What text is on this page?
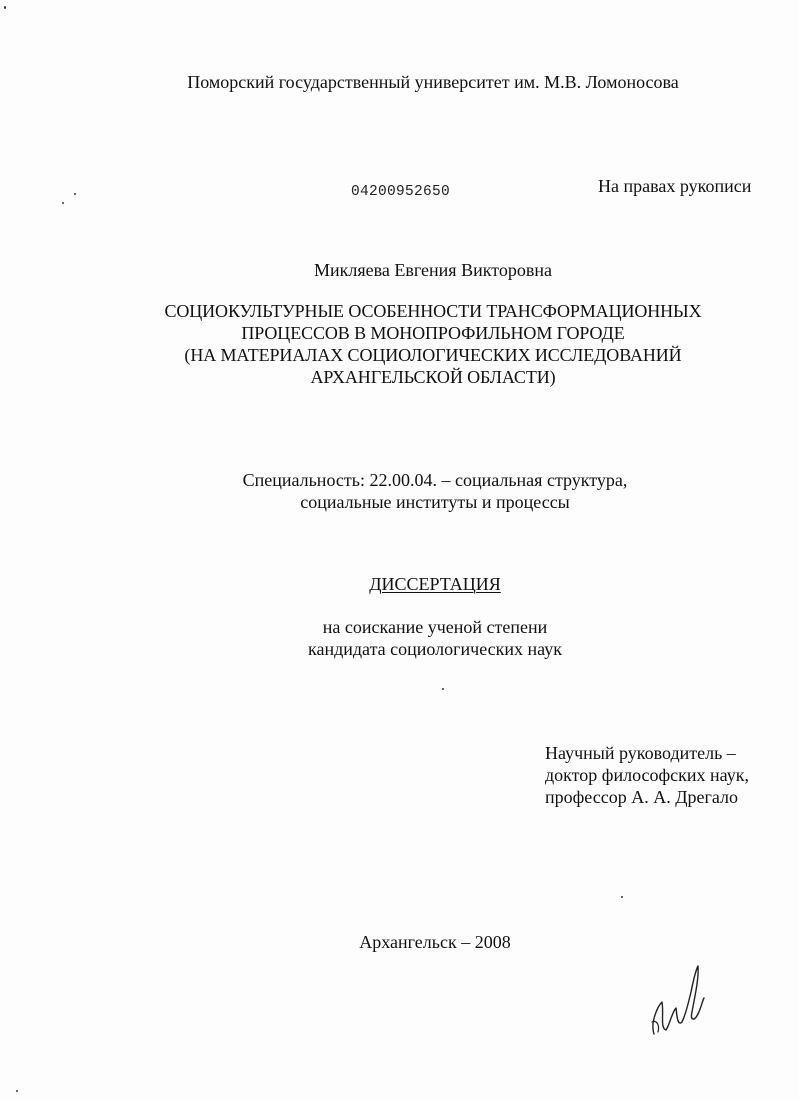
Поморский государственный университет им. М.В. Ломоносова
04200952650	На правах рукописи
Микляева Евгения Викторовна
СОЦИОКУЛЬТУРНЫЕ ОСОБЕННОСТИ ТРАНСФОРМАЦИОННЫХ
ПРОЦЕССОВ В МОНОПРОФИЛЬНОМ ГОРОДЕ
(НА МАТЕРИАЛАХ СОЦИОЛОГИЧЕСКИХ ИССЛЕДОВАНИЙ
АРХАНГЕЛЬСКОЙ ОБЛАСТИ)
Специальность: 22.00.04. – социальная структура,
социальные институты и процессы
ДИССЕРТАЦИЯ
на соискание ученой степени
кандидата социологических наук
Научный руководитель –
доктор философских наук,
профессор А. А. Дрегало
Архангельск – 2008
